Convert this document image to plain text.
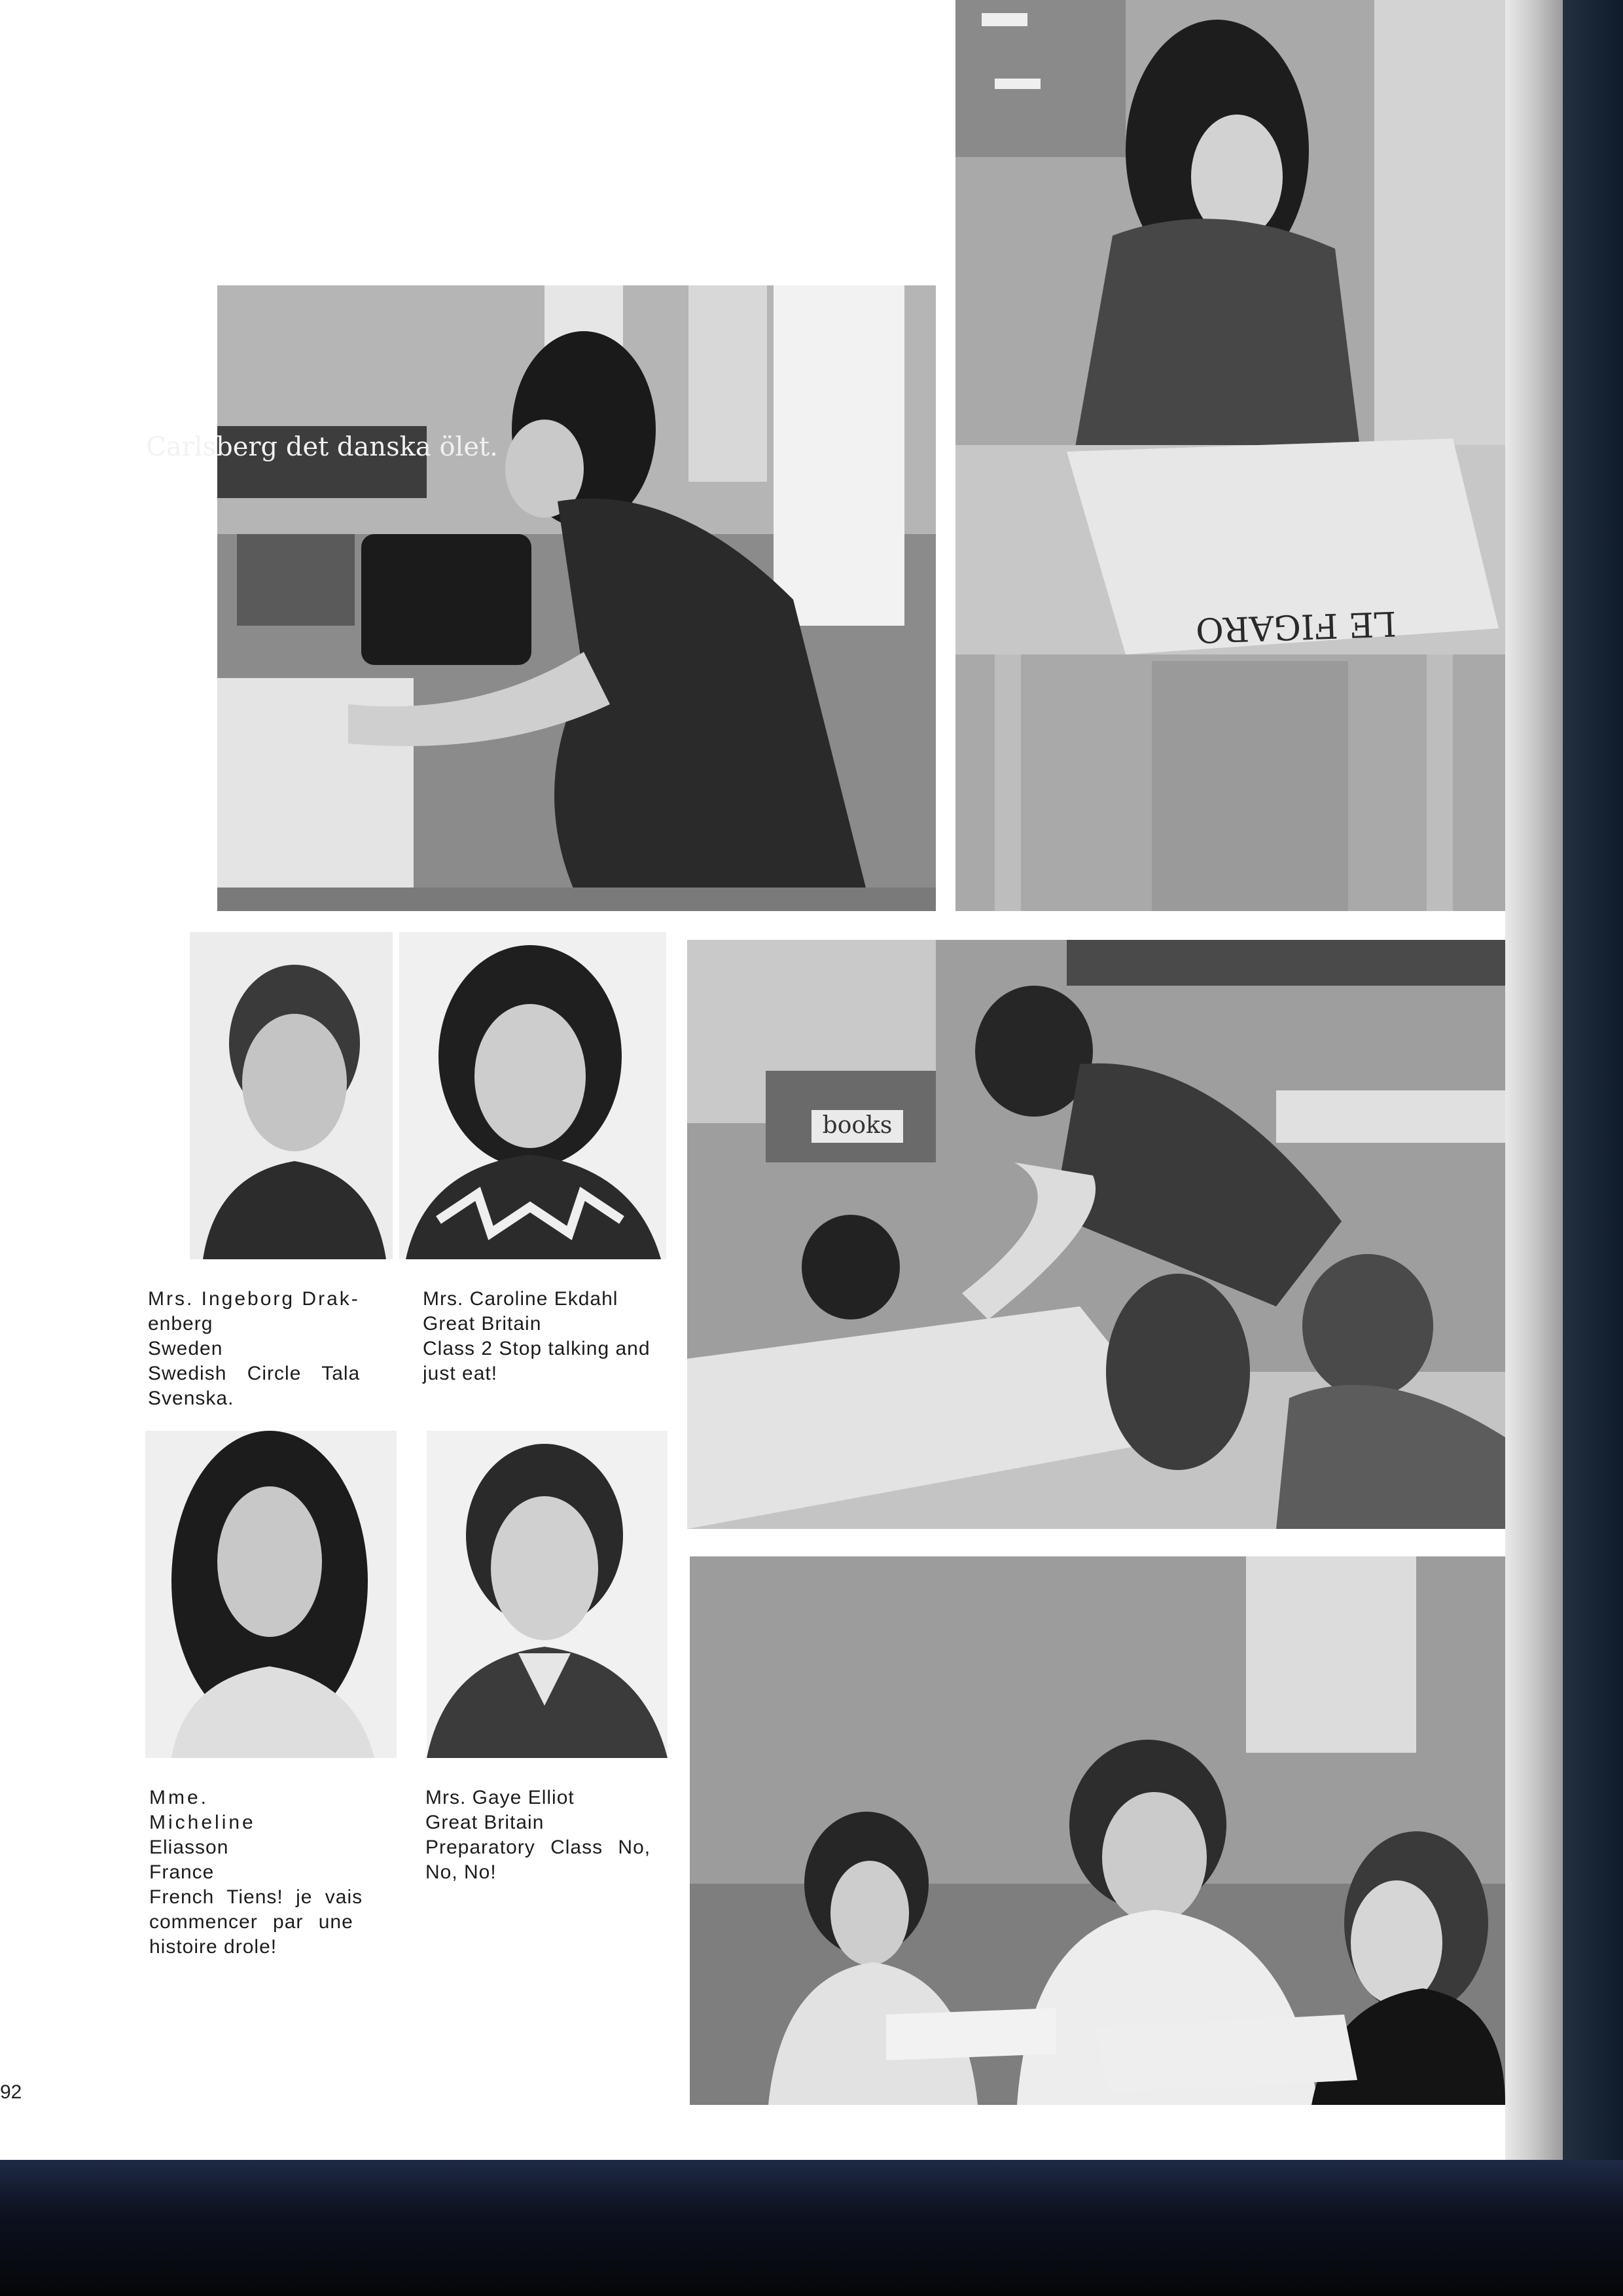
Carlsberg det danska ölet.
LE FIGARO
books
Mrs. Ingeborg Drak-
enberg
Sweden
Swedish Circle Tala
Svenska.
Mrs. Caroline Ekdahl
Great Britain
Class 2 Stop talking and
just eat!
Mme. Micheline
Eliasson
France
French Tiens! je vais
commencer par une
histoire drole!
Mrs. Gaye Elliot
Great Britain
Preparatory Class No,
No, No!
92
